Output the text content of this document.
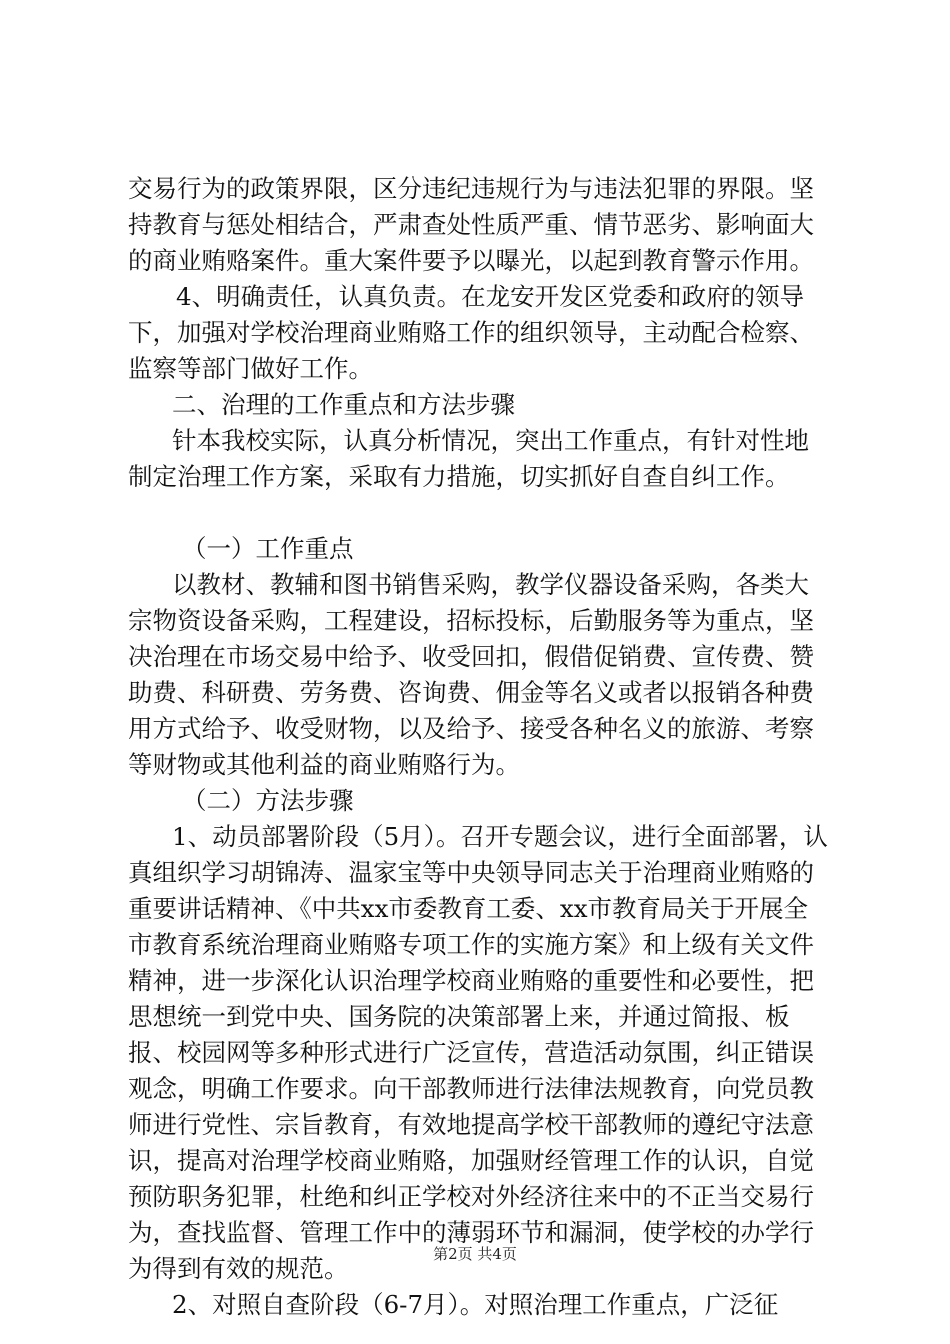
交易行为的政策界限，区分违纪违规行为与违法犯罪的界限。坚持教育与惩处相结合，严肃查处性质严重、情节恶劣、影响面大的商业贿赂案件。重大案件要予以曝光，以起到教育警示作用。

4、明确责任，认真负责。在龙安开发区党委和政府的领导下，加强对学校治理商业贿赂工作的组织领导，主动配合检察、监察等部门做好工作。

二、治理的工作重点和方法步骤

针本我校实际，认真分析情况，突出工作重点，有针对性地制定治理工作方案，采取有力措施，切实抓好自查自纠工作。

（一）工作重点

以教材、教辅和图书销售采购，教学仪器设备采购，各类大宗物资设备采购，工程建设，招标投标，后勤服务等为重点，坚决治理在市场交易中给予、收受回扣，假借促销费、宣传费、赞助费、科研费、劳务费、咨询费、佣金等名义或者以报销各种费用方式给予、收受财物，以及给予、接受各种名义的旅游、考察等财物或其他利益的商业贿赂行为。

（二）方法步骤

1、动员部署阶段（5月）。召开专题会议，进行全面部署，认真组织学习胡锦涛、温家宝等中央领导同志关于治理商业贿赂的重要讲话精神、《中共xx市委教育工委、xx市教育局关于开展全市教育系统治理商业贿赂专项工作的实施方案》和上级有关文件精神，进一步深化认识治理学校商业贿赂的重要性和必要性，把思想统一到党中央、国务院的决策部署上来，并通过简报、板报、校园网等多种形式进行广泛宣传，营造活动氛围，纠正错误观念，明确工作要求。向干部教师进行法律法规教育，向党员教师进行党性、宗旨教育，有效地提高学校干部教师的遵纪守法意识，提高对治理学校商业贿赂，加强财经管理工作的认识，自觉预防职务犯罪，杜绝和纠正学校对外经济往来中的不正当交易行为，查找监督、管理工作中的薄弱环节和漏洞，使学校的办学行为得到有效的规范。

2、对照自查阶段（6-7月）。对照治理工作重点，广泛征

第2页 共4页
